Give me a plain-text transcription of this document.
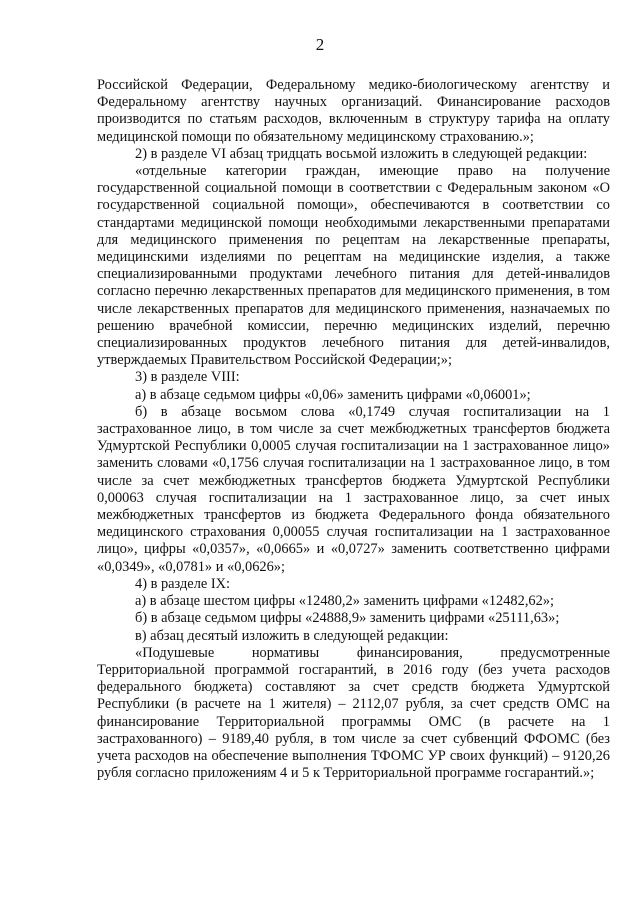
2

Российской Федерации, Федеральному медико-биологическому агентству и Федеральному агентству научных организаций. Финансирование расходов производится по статьям расходов, включенным в структуру тарифа на оплату медицинской помощи по обязательному медицинскому страхованию.»;

2) в разделе VI абзац тридцать восьмой изложить в следующей редакции:

«отдельные категории граждан, имеющие право на получение государственной социальной помощи в соответствии с Федеральным законом «О государственной социальной помощи», обеспечиваются в соответствии со стандартами медицинской помощи необходимыми лекарственными препаратами для медицинского применения по рецептам на лекарственные препараты, медицинскими изделиями по рецептам на медицинские изделия, а также специализированными продуктами лечебного питания для детей-инвалидов согласно перечню лекарственных препаратов для медицинского применения, в том числе лекарственных препаратов для медицинского применения, назначаемых по решению врачебной комиссии, перечню медицинских изделий, перечню специализированных продуктов лечебного питания для детей-инвалидов, утверждаемых Правительством Российской Федерации;»;

3) в разделе VIII:

а) в абзаце седьмом цифры «0,06» заменить цифрами «0,06001»;

б) в абзаце восьмом слова «0,1749 случая госпитализации на 1 застрахованное лицо, в том числе за счет межбюджетных трансфертов бюджета Удмуртской Республики 0,0005 случая госпитализации на 1 застрахованное лицо» заменить словами «0,1756 случая госпитализации на 1 застрахованное лицо, в том числе за счет межбюджетных трансфертов бюджета Удмуртской Республики 0,00063 случая госпитализации на 1 застрахованное лицо, за счет иных межбюджетных трансфертов из бюджета Федерального фонда обязательного медицинского страхования 0,00055 случая госпитализации на 1 застрахованное лицо», цифры «0,0357», «0,0665» и «0,0727» заменить соответственно цифрами «0,0349», «0,0781» и «0,0626»;

4) в разделе IX:

а) в абзаце шестом цифры «12480,2» заменить цифрами «12482,62»;

б) в абзаце седьмом цифры «24888,9» заменить цифрами «25111,63»;

в) абзац десятый изложить в следующей редакции:

«Подушевые нормативы финансирования, предусмотренные Территориальной программой госгарантий, в 2016 году (без учета расходов федерального бюджета) составляют за счет средств бюджета Удмуртской Республики (в расчете на 1 жителя) – 2112,07 рубля, за счет средств ОМС на финансирование Территориальной программы ОМС (в расчете на 1 застрахованного) – 9189,40 рубля, в том числе за счет субвенций ФФОМС (без учета расходов на обеспечение выполнения ТФОМС УР своих функций) – 9120,26 рубля согласно приложениям 4 и 5 к Территориальной программе госгарантий.»;
